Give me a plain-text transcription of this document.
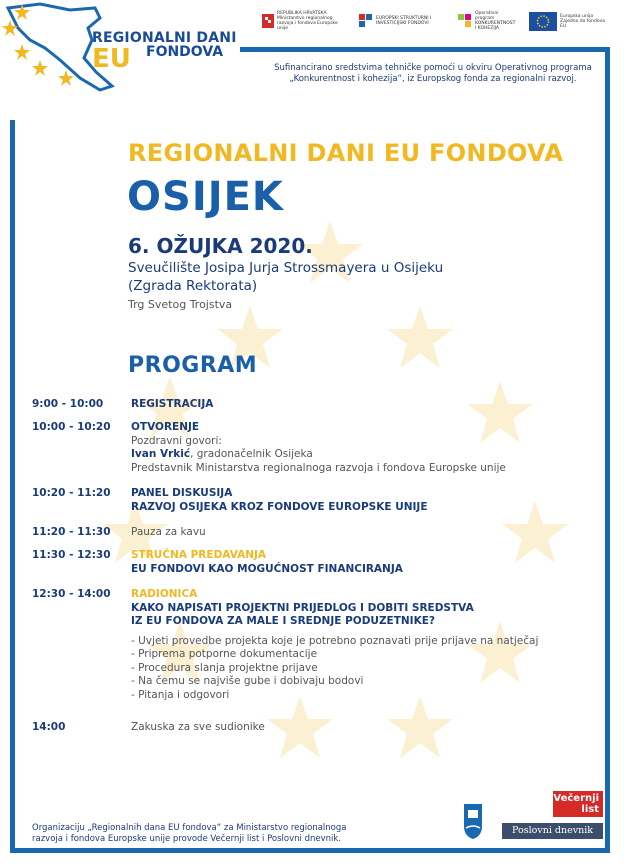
REGIONALNI DANI
EU FONDOVA
REPUBLIKA HRVATSKA Ministarstvo regionalnog razvoja i fondova Europske unije
EUROPSKI STRUKTURNI I INVESTICIJSKI FONDOVI
Operativni program KONKURENTNOST I KOHEZIJA
Europska unija Zajedno do fondova EU
Sufinancirano sredstvima tehničke pomoći u okviru Operativnog programa „Konkurentnost i kohezija“, iz Europskog fonda za regionalni razvoj.
REGIONALNI DANI EU FONDOVA
OSIJEK
6. OŽUJKA 2020.
Sveučilište Josipa Jurja Strossmayera u Osijeku (Zgrada Rektorata)
Trg Svetog Trojstva
PROGRAM
9:00 - 10:00	REGISTRACIJA
10:00 - 10:20 OTVORENJE
Pozdravni govori:
Ivan Vrkić, gradonačelnik Osijeka
Predstavnik Ministarstva regionalnoga razvoja i fondova Europske unije
10:20 - 11:20 PANEL DISKUSIJA
RAZVOJ OSIJEKA KROZ FONDOVE EUROPSKE UNIJE
11:20 - 11:30 Pauza za kavu
11:30 - 12:30 STRUČNA PREDAVANJA
EU FONDOVI KAO MOGUĆNOST FINANCIRANJA
12:30 - 14:00 RADIONICA
KAKO NAPISATI PROJEKTNI PRIJEDLOG I DOBITI SREDSTVA
IZ EU FONDOVA ZA MALE I SREDNJE PODUZETNIKE?
- Uvjeti provedbe projekta koje je potrebno poznavati prije prijave na natječaj
- Priprema potporne dokumentacije
- Procedura slanja projektne prijave
- Na čemu se najviše gube i dobivaju bodovi
- Pitanja i odgovori
14:00	Zakuska za sve sudionike
Organizaciju „Regionalnih dana EU fondova“ za Ministarstvo regionalnoga razvoja i fondova Europske unije provode Večernji list i Poslovni dnevnik.
Večernji
list
Poslovni dnevnik
